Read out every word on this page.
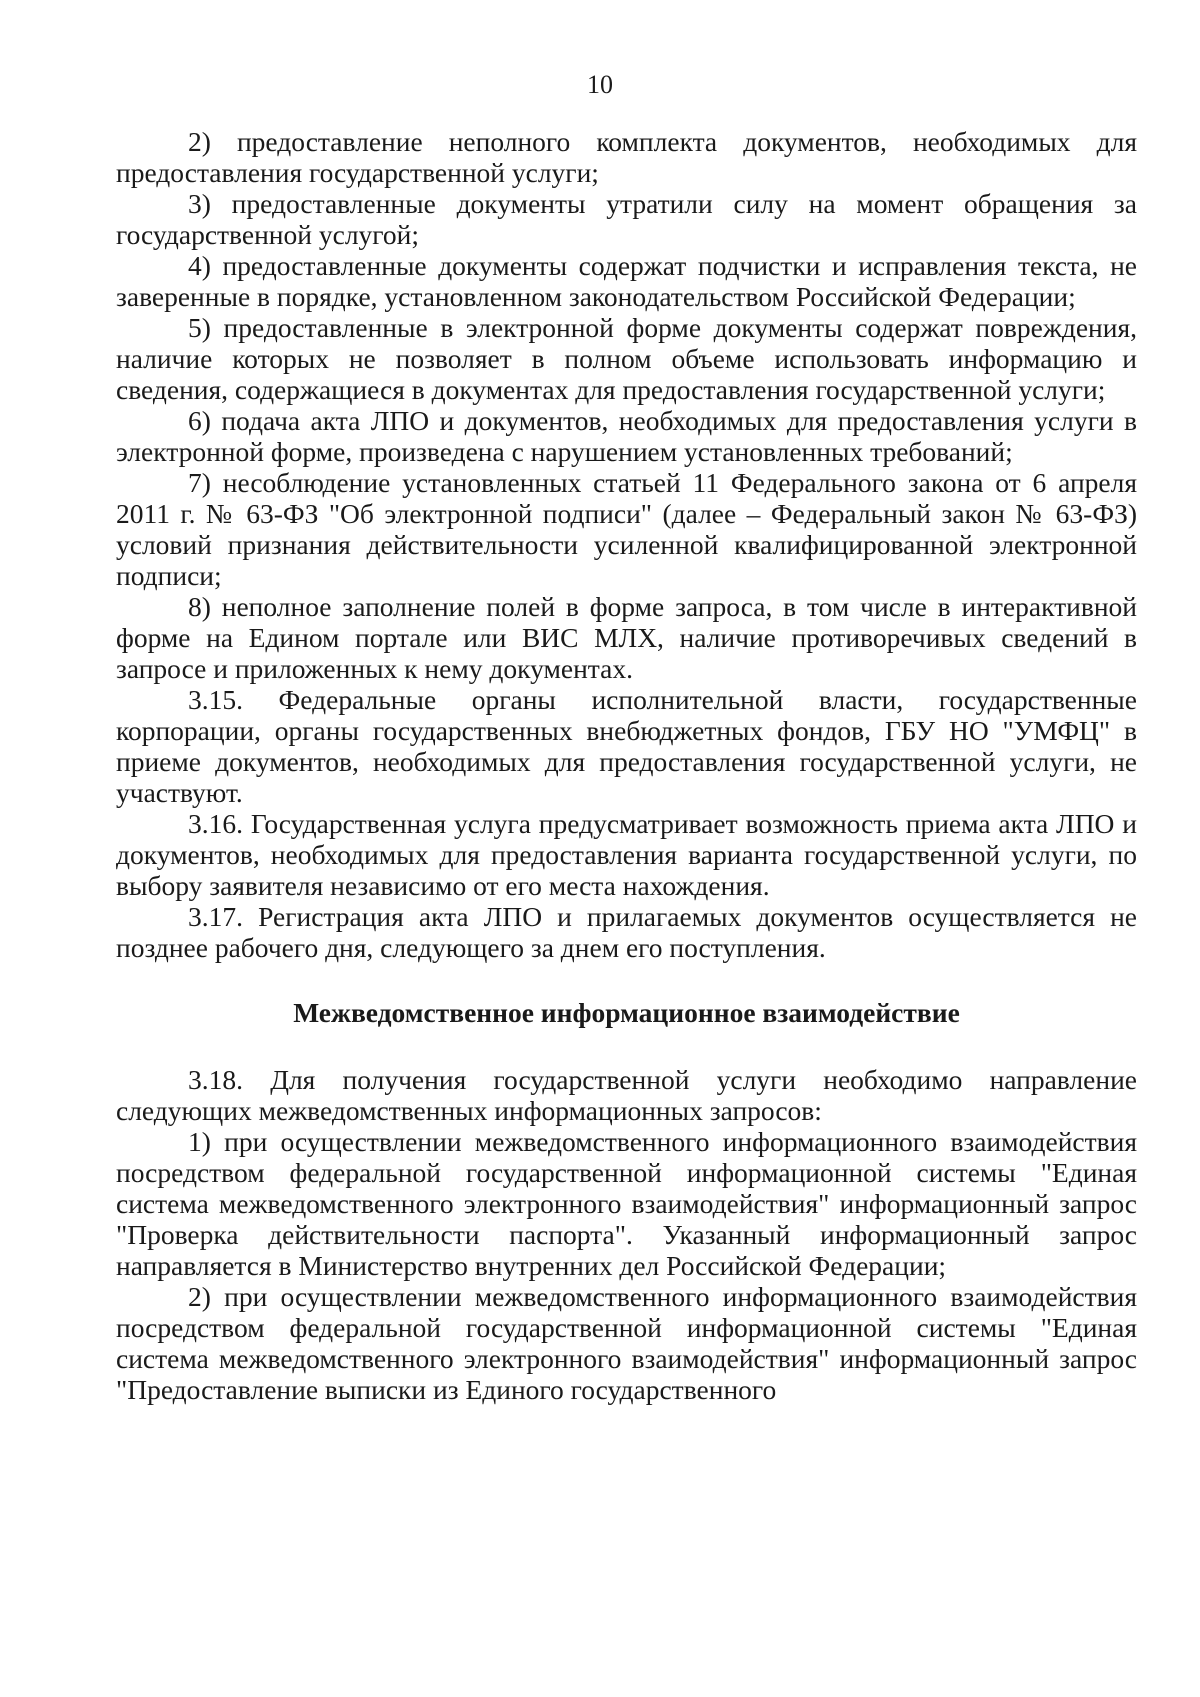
10

2) предоставление неполного комплекта документов, необходимых для предоставления государственной услуги;

3) предоставленные документы утратили силу на момент обращения за государственной услугой;

4) предоставленные документы содержат подчистки и исправления текста, не заверенные в порядке, установленном законодательством Российской Федерации;

5) предоставленные в электронной форме документы содержат повреждения, наличие которых не позволяет в полном объеме использовать информацию и сведения, содержащиеся в документах для предоставления государственной услуги;

6) подача акта ЛПО и документов, необходимых для предоставления услуги в электронной форме, произведена с нарушением установленных требований;

7) несоблюдение установленных статьей 11 Федерального закона от 6 апреля 2011 г. № 63-ФЗ "Об электронной подписи" (далее – Федеральный закон № 63-ФЗ) условий признания действительности усиленной квалифицированной электронной подписи;

8) неполное заполнение полей в форме запроса, в том числе в интерактивной форме на Едином портале или ВИС МЛХ, наличие противоречивых сведений в запросе и приложенных к нему документах.

3.15. Федеральные органы исполнительной власти, государственные корпорации, органы государственных внебюджетных фондов, ГБУ НО "УМФЦ" в приеме документов, необходимых для предоставления государственной услуги, не участвуют.

3.16. Государственная услуга предусматривает возможность приема акта ЛПО и документов, необходимых для предоставления варианта государственной услуги, по выбору заявителя независимо от его места нахождения.

3.17. Регистрация акта ЛПО и прилагаемых документов осуществляется не позднее рабочего дня, следующего за днем его поступления.

Межведомственное информационное взаимодействие

3.18. Для получения государственной услуги необходимо направление следующих межведомственных информационных запросов:

1) при осуществлении межведомственного информационного взаимодействия посредством федеральной государственной информационной системы "Единая система межведомственного электронного взаимодействия" информационный запрос "Проверка действительности паспорта". Указанный информационный запрос направляется в Министерство внутренних дел Российской Федерации;

2) при осуществлении межведомственного информационного взаимодействия посредством федеральной государственной информационной системы "Единая система межведомственного электронного взаимодействия" информационный запрос "Предоставление выписки из Единого государственного
